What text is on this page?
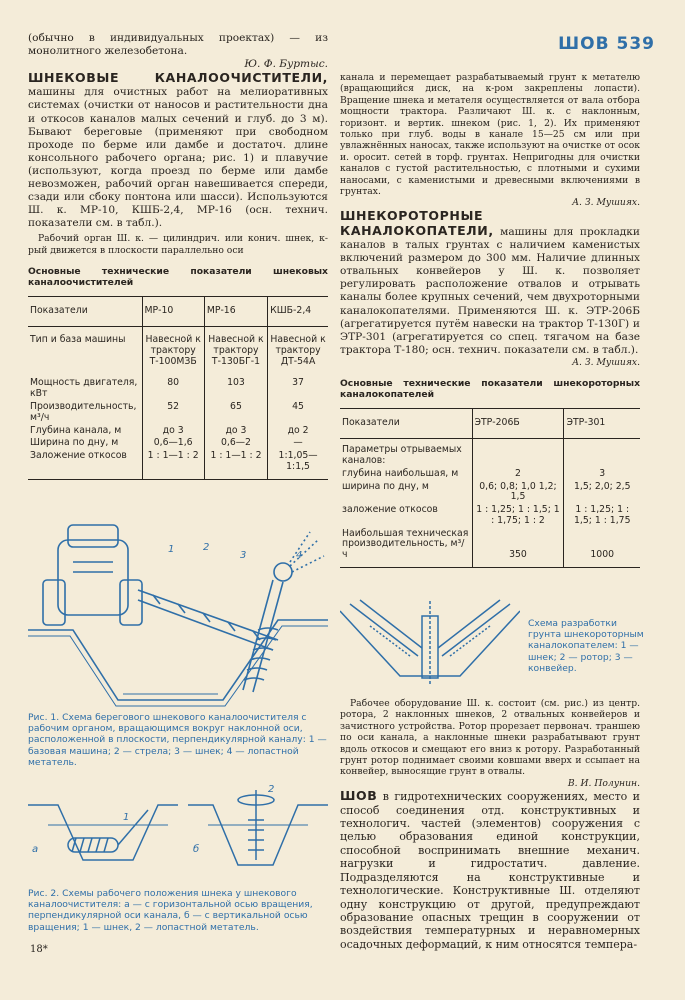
ШОВ 539
(обычно в индивидуальных проектах) — из монолитного железобетона.
Ю. Ф. Буртыс.
ШНЕКОВЫЕ КАНАЛООЧИСТИТЕЛИ, машины для очистных работ на мелиоративных системах (очистки от наносов и растительности дна и откосов каналов малых сечений и глуб. до 3 м). Бывают береговые (применяют при свободном проходе по берме или дамбе и достаточ. длине консольного рабочего органа; рис. 1) и плавучие (используют, когда проезд по берме или дамбе невозможен, рабочий орган навешивается спереди, сзади или сбоку понтона или шасси). Используются Ш. к. МР-10, КШБ-2,4, МР-16 (осн. технич. показатели см. в табл.).
Рабочий орган Ш. к. — цилиндрич. или конич. шнек, к-рый движется в плоскости параллельно оси
Основные технические показатели шнековых каналоочистителей
Показатели	МР-10	МР-16	КШБ-2,4
Тип и база машины	Навесной к трактору Т-100МЗБ	Навесной к трактору Т-130БГ-1	Навесной к трактору ДТ-54А
Мощность двигателя, кВт	80	103	37
Производительность, м³/ч	52	65	45
Глубина канала, м	до 3	до 3	до 2
Ширина по дну, м	0,6—1,6	0,6—2	—
Заложение откосов	1 : 1—1 : 2	1 : 1—1 : 2	1:1,05—1:1,5
1	2
3	4
Рис. 1. Схема берегового шнекового каналоочистителя с рабочим органом, вращающимся вокруг наклонной оси, расположенной в плоскости, перпендикулярной каналу: 1 — базовая машина; 2 — стрела; 3 — шнек; 4 — лопастной метатель.
а	б
1
2
Рис. 2. Схемы рабочего положения шнека у шнекового каналоочистителя: а — с горизонтальной осью вращения, перпендикулярной оси канала, б — с вертикальной осью вращения; 1 — шнек, 2 — лопастной метатель.
18*
канала и перемещает разрабатываемый грунт к метателю (вращающийся диск, на к-ром закреплены лопасти). Вращение шнека и метателя осуществляется от вала отбора мощности трактора. Различают Ш. к. с наклонным, горизонт. и вертик. шнеком (рис. 1, 2). Их применяют только при глуб. воды в канале 15—25 см или при увлажнённых наносах, также используют на очистке от осок и. оросит. сетей в торф. грунтах. Непригодны для очистки каналов с густой растительностью, с плотными и сухими наносами, с каменистыми и древесными включениями в грунтах.
А. З. Мушиях.
ШНЕКОРОТОРНЫЕ КАНАЛОКОПАТЕЛИ, машины для прокладки каналов в талых грунтах с наличием каменистых включений размером до 300 мм. Наличие длинных отвальных конвейеров у Ш. к. позволяет регулировать расположение отвалов и отрывать каналы более крупных сечений, чем двухроторными каналокопателями. Применяются Ш. к. ЭТР-206Б (агрегатируется путём навески на трактор Т-130Г) и ЭТР-301 (агрегатируется со спец. тягачом на базе трактора Т-180; осн. технич. показатели см. в табл.).
А. З. Мушиях.
Основные технические показатели шнекороторных каналокопателей
Показатели	ЭТР-206Б	ЭТР-301
Параметры отрываемых каналов:		
глубина наибольшая, м	2	3
ширина по дну, м	0,6; 0,8; 1,0 1,2; 1,5	1,5; 2,0; 2,5
заложение откосов	1 : 1,25; 1 : 1,5; 1 : 1,75; 1 : 2	1 : 1,25; 1 : 1,5; 1 : 1,75
Наибольшая техническая производительность, м³/ч	350	1000
Схема разработки грунта шнекороторным каналокопателем: 1 — шнек; 2 — ротор; 3 — конвейер.
Рабочее оборудование Ш. к. состоит (см. рис.) из центр. ротора, 2 наклонных шнеков, 2 отвальных конвейеров и зачистного устройства. Ротор прорезает первонач. траншею по оси канала, а наклонные шнеки разрабатывают грунт вдоль откосов и смещают его вниз к ротору. Разработанный грунт ротор поднимает своими ковшами вверх и ссыпает на конвейер, выносящие грунт в отвалы.
В. И. Полунин.
ШОВ в гидротехнических сооружениях, место и способ соединения отд. конструктивных и технологич. частей (элементов) сооружения с целью образования единой конструкции, способной воспринимать внешние механич. нагрузки и гидростатич. давление. Подразделяются на конструктивные и технологические. Конструктивные Ш. отделяют одну конструкцию от другой, предупреждают образование опасных трещин в сооружении от воздействия температурных и неравномерных осадочных деформаций, к ним относятся темпера-
